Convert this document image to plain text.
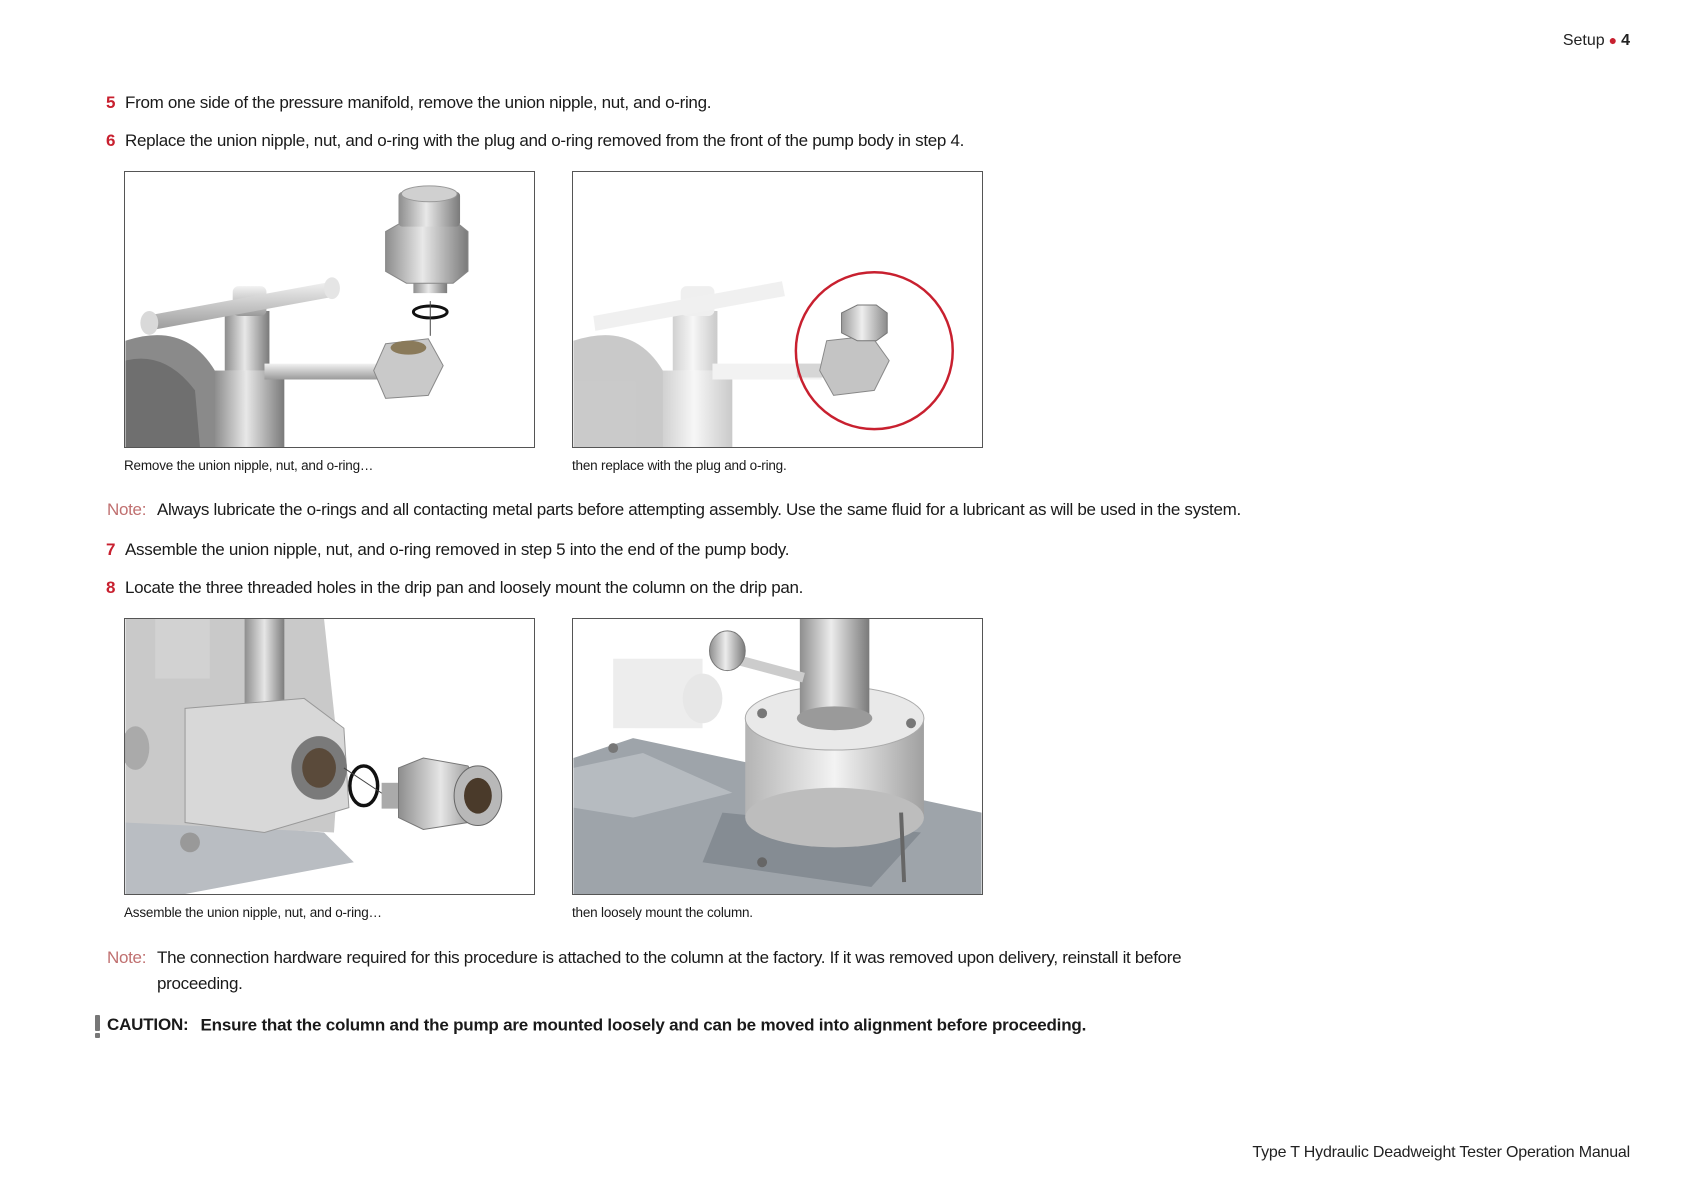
Setup ● 4
5 From one side of the pressure manifold, remove the union nipple, nut, and o-ring.
6 Replace the union nipple, nut, and o-ring with the plug and o-ring removed from the front of the pump body in step 4.
Remove the union nipple, nut, and o-ring…	then replace with the plug and o-ring.
Note: Always lubricate the o-rings and all contacting metal parts before attempting assembly. Use the same fluid for a lubricant as will be used in the system.
7 Assemble the union nipple, nut, and o-ring removed in step 5 into the end of the pump body.
8 Locate the three threaded holes in the drip pan and loosely mount the column on the drip pan.
Assemble the union nipple, nut, and o-ring…	then loosely mount the column.
Note: The connection hardware required for this procedure is attached to the column at the factory. If it was removed upon delivery, reinstall it before
proceeding.
CAUTION: Ensure that the column and the pump are mounted loosely and can be moved into alignment before proceeding.
Type T Hydraulic Deadweight Tester Operation Manual
